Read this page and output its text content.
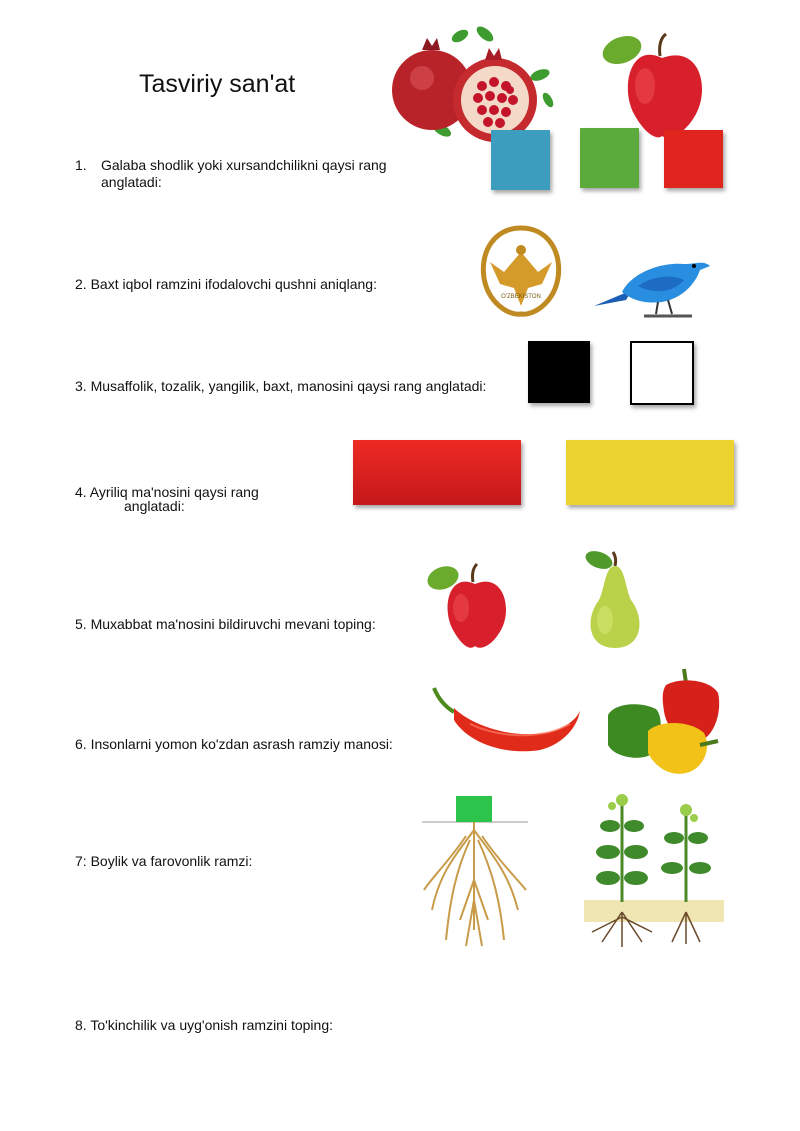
Tasviriy san'at
1. Galaba shodlik yoki xursandchilikni qaysi rang anglatadi:
2. Baxt iqbol ramzini ifodalovchi qushni aniqlang:
O'ZBEKISTON
3. Musaffolik, tozalik, yangilik, baxt, manosini qaysi rang anglatadi:
4. Ayriliq ma'nosini qaysi rang
anglatadi:
5. Muxabbat ma'nosini bildiruvchi mevani toping:
6. Insonlarni yomon ko'zdan asrash ramziy manosi:
7: Boylik va farovonlik ramzi:
8. To'kinchilik va uyg'onish ramzini toping:
